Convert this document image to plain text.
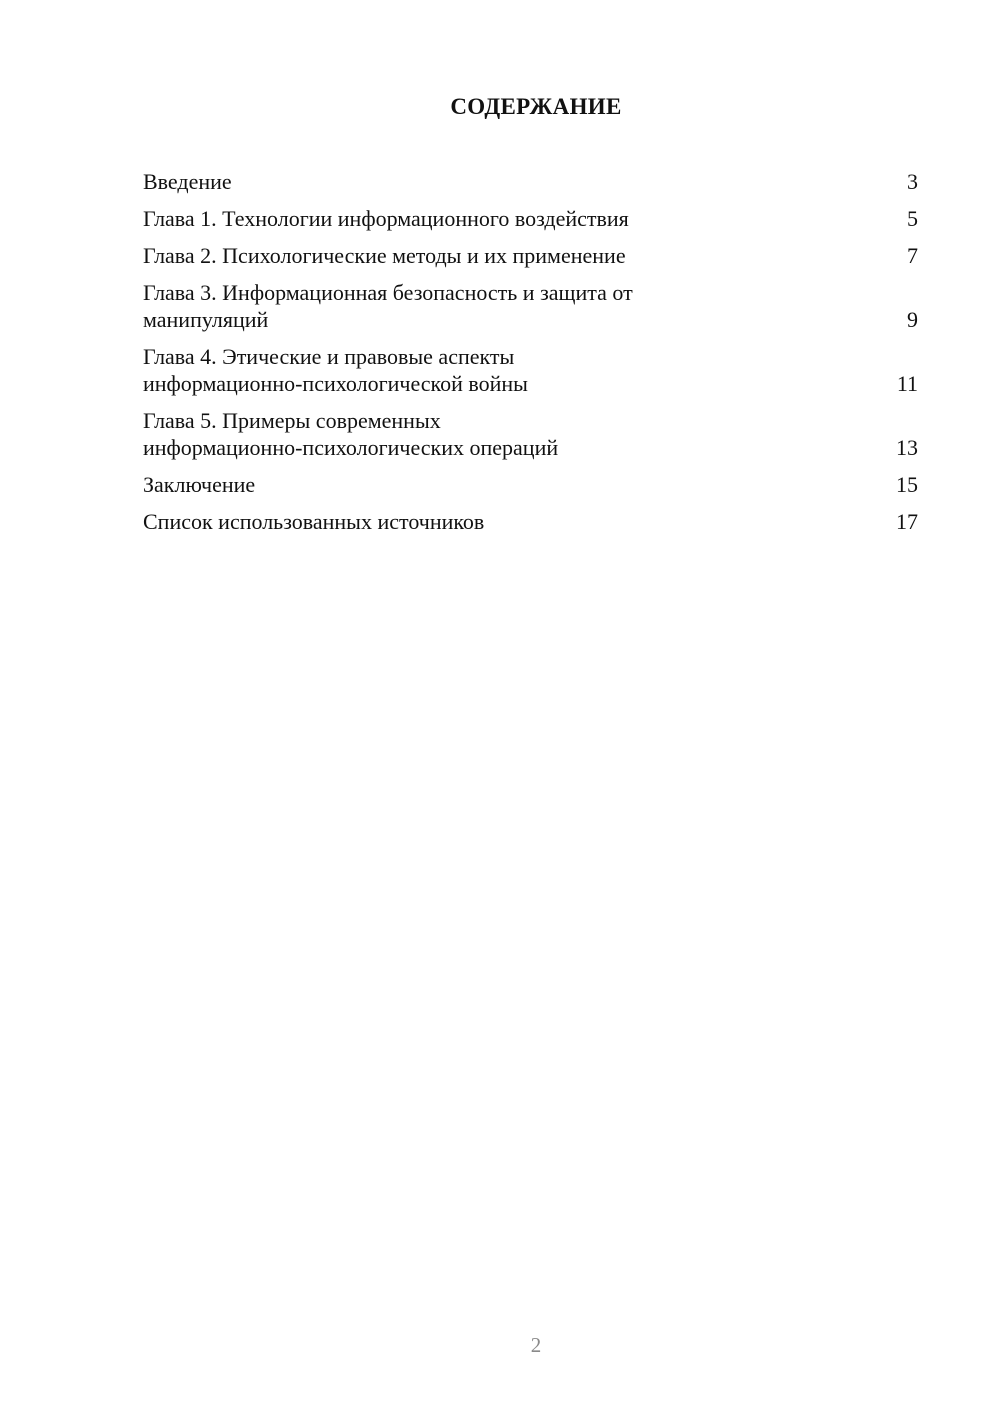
СОДЕРЖАНИЕ
Введение	3
Глава 1. Технологии информационного воздействия	5
Глава 2. Психологические методы и их применение	7
Глава 3. Информационная безопасность и защита от
манипуляций	9
Глава 4. Этические и правовые аспекты
информационно-психологической войны	11
Глава 5. Примеры современных
информационно-психологических операций	13
Заключение	15
Список использованных источников	17
2
